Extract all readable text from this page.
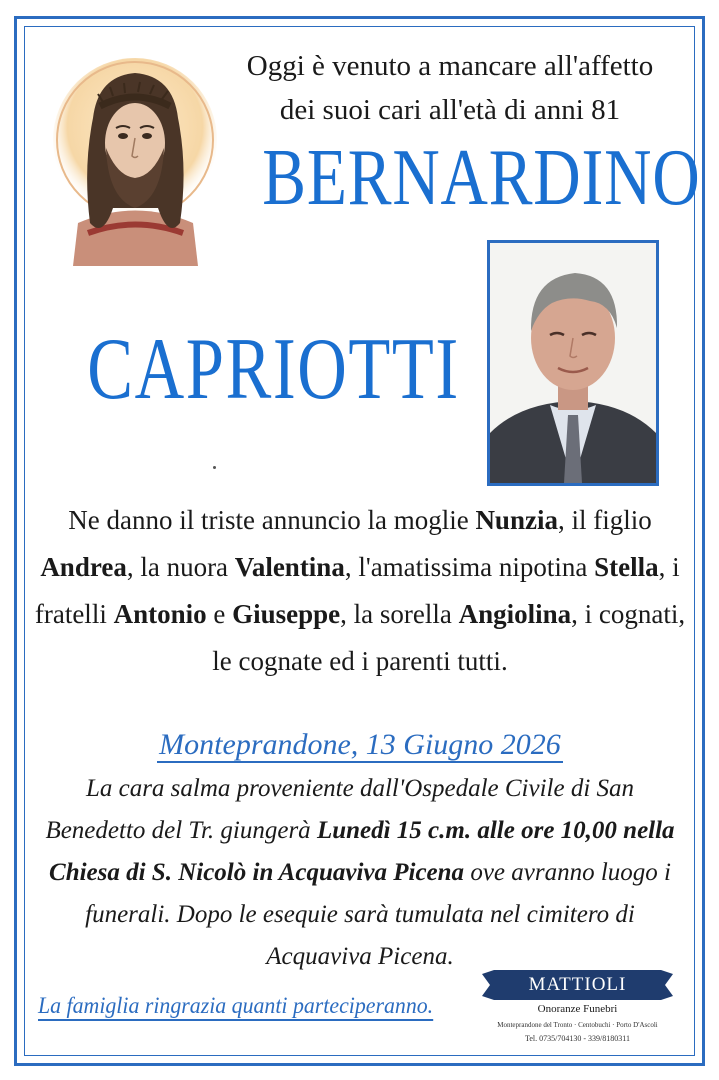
Oggi è venuto a mancare all'affetto
dei suoi cari all'età di anni 81
BERNARDINO
CAPRIOTTI
Ne danno il triste annuncio la moglie Nunzia, il figlio Andrea, la nuora Valentina, l'amatissima nipotina Stella, i fratelli Antonio e Giuseppe, la sorella Angiolina, i cognati, le cognate ed i parenti tutti.
Monteprandone, 13 Giugno 2026
La cara salma proveniente dall'Ospedale Civile di San Benedetto del Tr. giungerà Lunedì 15 c.m. alle ore 10,00 nella Chiesa di S. Nicolò in Acquaviva Picena ove avranno luogo i funerali. Dopo le esequie sarà tumulata nel cimitero di Acquaviva Picena.
La famiglia ringrazia quanti parteciperanno.
MATTIOLI
Onoranze Funebri
Monteprandone del Tronto · Centobuchi · Porto D'Ascoli
Tel. 0735/704130 - 339/8180311
